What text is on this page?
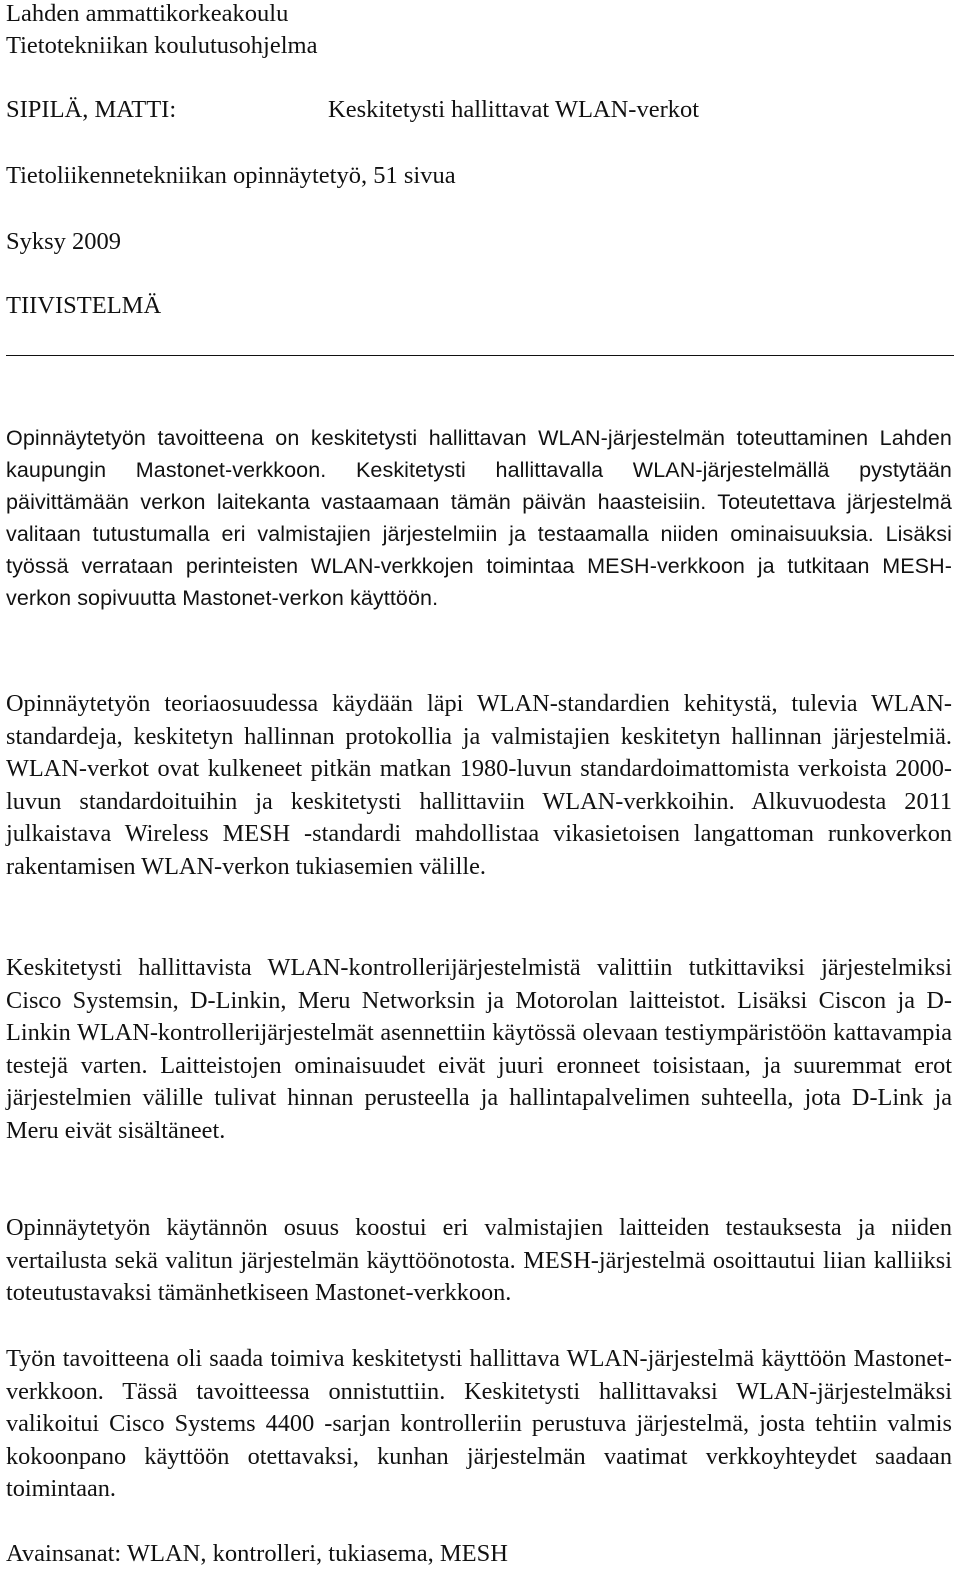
Lahden ammattikorkeakoulu
Tietotekniikan koulutusohjelma
SIPILÄ, MATTI:	Keskitetysti hallittavat WLAN-verkot
Tietoliikennetekniikan opinnäytetyö, 51 sivua
Syksy 2009
TIIVISTELMÄ

Opinnäytetyön tavoitteena on keskitetysti hallittavan WLAN-järjestelmän toteuttaminen Lahden kaupungin Mastonet-verkkoon. Keskitetysti hallittavalla WLAN-järjestelmällä pystytään päivittämään verkon laitekanta vastaamaan tämän päivän haasteisiin. Toteutettava järjestelmä valitaan tutustumalla eri valmistajien järjestelmiin ja testaamalla niiden ominaisuuksia. Lisäksi työssä verrataan perinteisten WLAN-verkkojen toimintaa MESH-verkkoon ja tutkitaan MESH-verkon sopivuutta Mastonet-verkon käyttöön.

Opinnäytetyön teoriaosuudessa käydään läpi WLAN-standardien kehitystä, tulevia WLAN-standardeja, keskitetyn hallinnan protokollia ja valmistajien keskitetyn hallinnan järjestelmiä. WLAN-verkot ovat kulkeneet pitkän matkan 1980-luvun standardoimattomista verkoista 2000-luvun standardoituihin ja keskitetysti hallittaviin WLAN-verkkoihin. Alkuvuodesta 2011 julkaistava Wireless MESH -standardi mahdollistaa vikasietoisen langattoman runkoverkon rakentamisen WLAN-verkon tukiasemien välille.

Keskitetysti hallittavista WLAN-kontrollerijärjestelmistä valittiin tutkittaviksi järjestelmiksi Cisco Systemsin, D-Linkin, Meru Networksin ja Motorolan laitteistot. Lisäksi Ciscon ja D-Linkin WLAN-kontrollerijärjestelmät asennettiin käytössä olevaan testiympäristöön kattavampia testejä varten. Laitteistojen ominaisuudet eivät juuri eronneet toisistaan, ja suuremmat erot järjestelmien välille tulivat hinnan perusteella ja hallintapalvelimen suhteella, jota D-Link ja Meru eivät sisältäneet.

Opinnäytetyön käytännön osuus koostui eri valmistajien laitteiden testauksesta ja niiden vertailusta sekä valitun järjestelmän käyttöönotosta. MESH-järjestelmä osoittautui liian kalliiksi toteutustavaksi tämänhetkiseen Mastonet-verkkoon.

Työn tavoitteena oli saada toimiva keskitetysti hallittava WLAN-järjestelmä käyttöön Mastonet-verkkoon. Tässä tavoitteessa onnistuttiin. Keskitetysti hallittavaksi WLAN-järjestelmäksi valikoitui Cisco Systems 4400 -sarjan kontrolleriin perustuva järjestelmä, josta tehtiin valmis kokoonpano käyttöön otettavaksi, kunhan järjestelmän vaatimat verkkoyhteydet saadaan toimintaan.

Avainsanat: WLAN, kontrolleri, tukiasema, MESH
